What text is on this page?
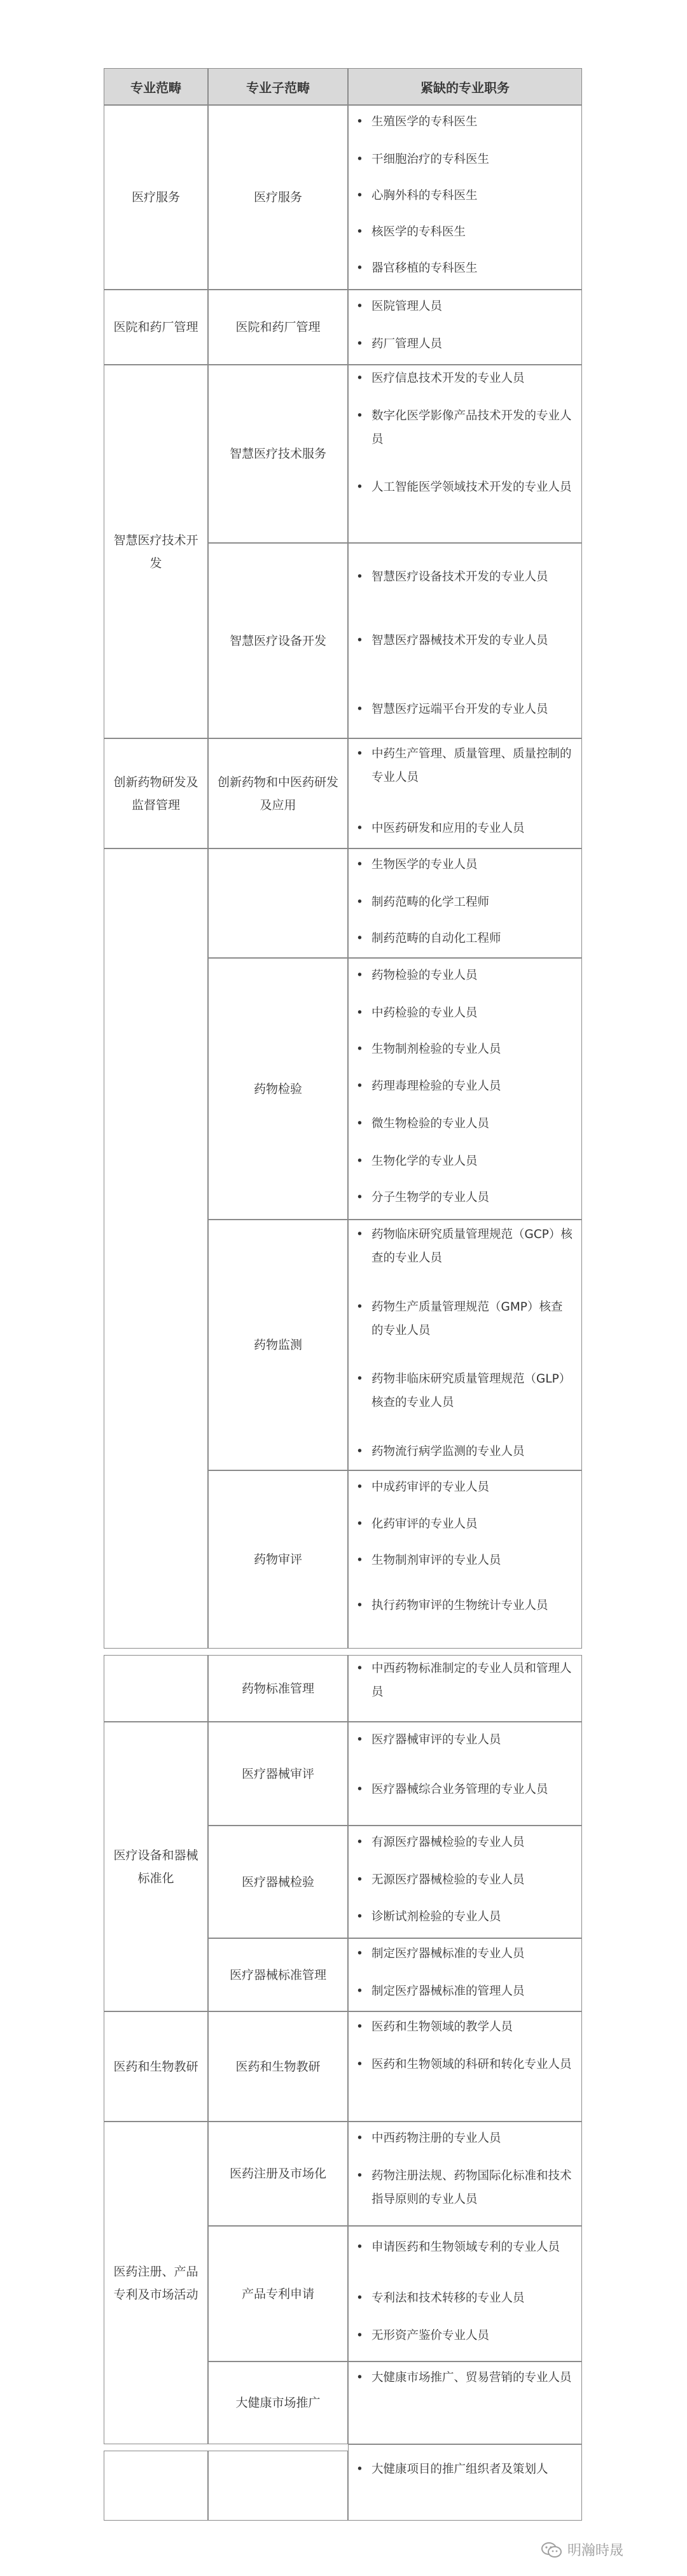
专业范畴	专业子范畴	紧缺的专业职务
医疗服务
医院和药厂管理
智慧医疗技术开发
创新药物研发及监督管理
医疗设备和器械标准化
医药和生物教研
医药注册、产品专利及市场活动
医疗服务
医院和药厂管理
智慧医疗技术服务
智慧医疗设备开发
创新药物和中医药研发及应用
药物检验
药物监测
药物审评
药物标准管理
医疗器械审评
医疗器械检验
医疗器械标准管理
医药和生物教研
医药注册及市场化
产品专利申请
大健康市场推广
• 生殖医学的专科医生
• 干细胞治疗的专科医生
• 心胸外科的专科医生
• 核医学的专科医生
• 器官移植的专科医生
• 医院管理人员
• 药厂管理人员
• 医疗信息技术开发的专业人员
• 数字化医学影像产品技术开发的专业人员
• 人工智能医学领域技术开发的专业人员
• 智慧医疗设备技术开发的专业人员
• 智慧医疗器械技术开发的专业人员
• 智慧医疗远端平台开发的专业人员
• 中药生产管理、质量管理、质量控制的专业人员
• 中医药研发和应用的专业人员
• 生物医学的专业人员
• 制药范畴的化学工程师
• 制药范畴的自动化工程师
• 药物检验的专业人员
• 中药检验的专业人员
• 生物制剂检验的专业人员
• 药理毒理检验的专业人员
• 微生物检验的专业人员
• 生物化学的专业人员
• 分子生物学的专业人员
• 药物临床研究质量管理规范（GCP）核查的专业人员
• 药物生产质量管理规范（GMP）核查的专业人员
• 药物非临床研究质量管理规范（GLP）核查的专业人员
• 药物流行病学监测的专业人员
• 中成药审评的专业人员
• 化药审评的专业人员
• 生物制剂审评的专业人员
• 执行药物审评的生物统计专业人员
• 中西药物标准制定的专业人员和管理人员
• 医疗器械审评的专业人员
• 医疗器械综合业务管理的专业人员
• 有源医疗器械检验的专业人员
• 无源医疗器械检验的专业人员
• 诊断试剂检验的专业人员
• 制定医疗器械标准的专业人员
• 制定医疗器械标准的管理人员
• 医药和生物领域的教学人员
• 医药和生物领域的科研和转化专业人员
• 中西药物注册的专业人员
• 药物注册法规、药物国际化标准和技术指导原则的专业人员
• 申请医药和生物领域专利的专业人员
• 专利法和技术转移的专业人员
• 无形资产鉴价专业人员
• 大健康市场推广、贸易营销的专业人员
• 大健康项目的推广组织者及策划人
明瀚時晟
